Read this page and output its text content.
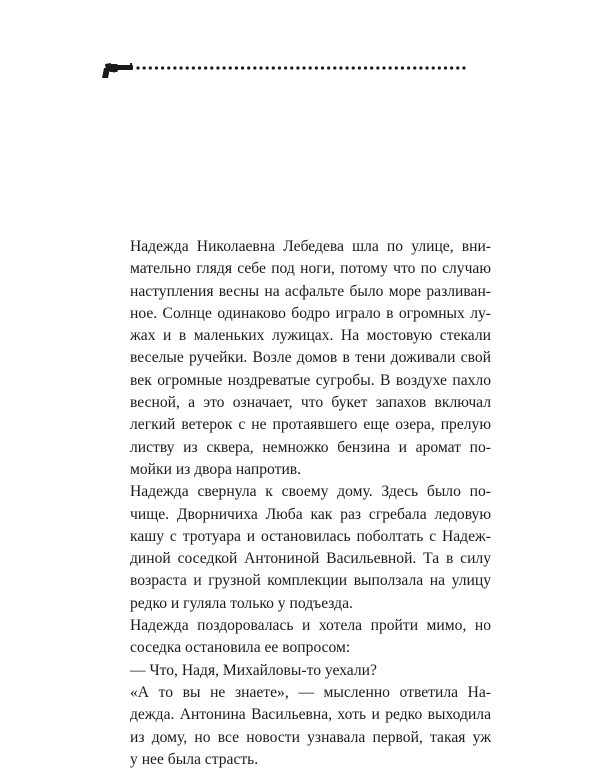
Надежда Николаевна Лебедева шла по улице, вни-
мательно глядя себе под ноги, потому что по случаю
наступления весны на асфальте было море разливан-
ное. Солнце одинаково бодро играло в огромных лу-
жах и в маленьких лужицах. На мостовую стекали
веселые ручейки. Возле домов в тени доживали свой
век огромные ноздреватые сугробы. В воздухе пахло
весной, а это означает, что букет запахов включал
легкий ветерок с не протаявшего еще озера, прелую
листву из сквера, немножко бензина и аромат по-
мойки из двора напротив.

Надежда свернула к своему дому. Здесь было по-
чище. Дворничиха Люба как раз сгребала ледовую
кашу с тротуара и остановилась поболтать с Надеж-
диной соседкой Антониной Васильевной. Та в силу
возраста и грузной комплекции выползала на улицу
редко и гуляла только у подъезда.

Надежда поздоровалась и хотела пройти мимо, но
соседка остановила ее вопросом:

— Что, Надя, Михайловы-то уехали?

«А то вы не знаете», — мысленно ответила На-
дежда. Антонина Васильевна, хоть и редко выходила
из дому, но все новости узнавала первой, такая уж
у нее была страсть.
